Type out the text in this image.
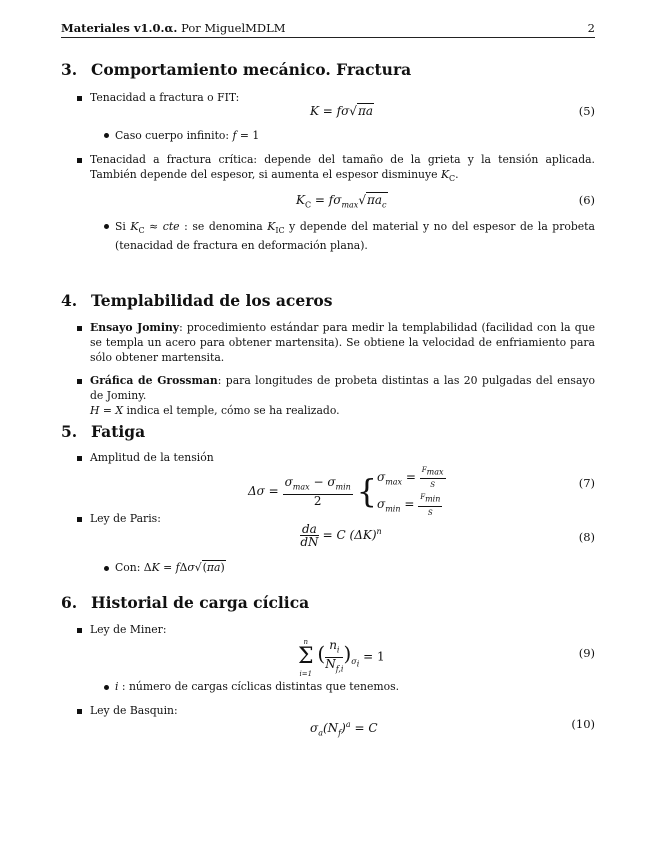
Materiales v1.0.α. Por MiguelMDLM	2
3. Comportamiento mecánico. Fractura
Tenacidad a fractura o FIT:
K = fσ√πa	(5)
Caso cuerpo infinito: f = 1
Tenacidad a fractura crítica: depende del tamaño de la grieta y la tensión aplicada. También depende del espesor, si aumenta el espesor disminuye $K_C$.
$K_C = f\sigma_{max}√\pi a_c$	(6)
Si $K_C$ ≈ cte : se denomina $K_{IC}$ y depende del material y no del espesor de la probeta (tenacidad de fractura en deformación plana).
4. Templabilidad de los aceros
Ensayo Jominy: procedimiento estándar para medir la templabilidad (facilidad con la que se templa un acero para obtener martensita). Se obtiene la velocidad de enfriamiento para sólo obtener martensita.
Gráfica de Grossman: para longitudes de probeta distintas a las 20 pulgadas del ensayo de Jominy.
H = X indica el temple, cómo se ha realizado.
5. Fatiga
Amplitud de la tensión
$\Delta\sigma = \frac{\sigma_{max} - \sigma_{min}}{2} \{\sigma_{max} = \frac{F_{max}}{S}$

$\sigma_{min} = \frac{F_{min}}{S}$
(7)
Ley de Paris:
$\frac{da}{dN} = C$ $(\Delta K)^n$	(8)
Con: ΔK = fΔσ√(πa)
6. Historial de carga cíclica
Ley de Miner:
n
Σ
i=1 ( $\frac{n_i}{N_{f,i}} )_{\sigma_i} = 1$	(9)
i : número de cargas cíclicas distintas que tenemos.
Ley de Basquin:
$\sigma_a(N_f)^a = C$	(10)
